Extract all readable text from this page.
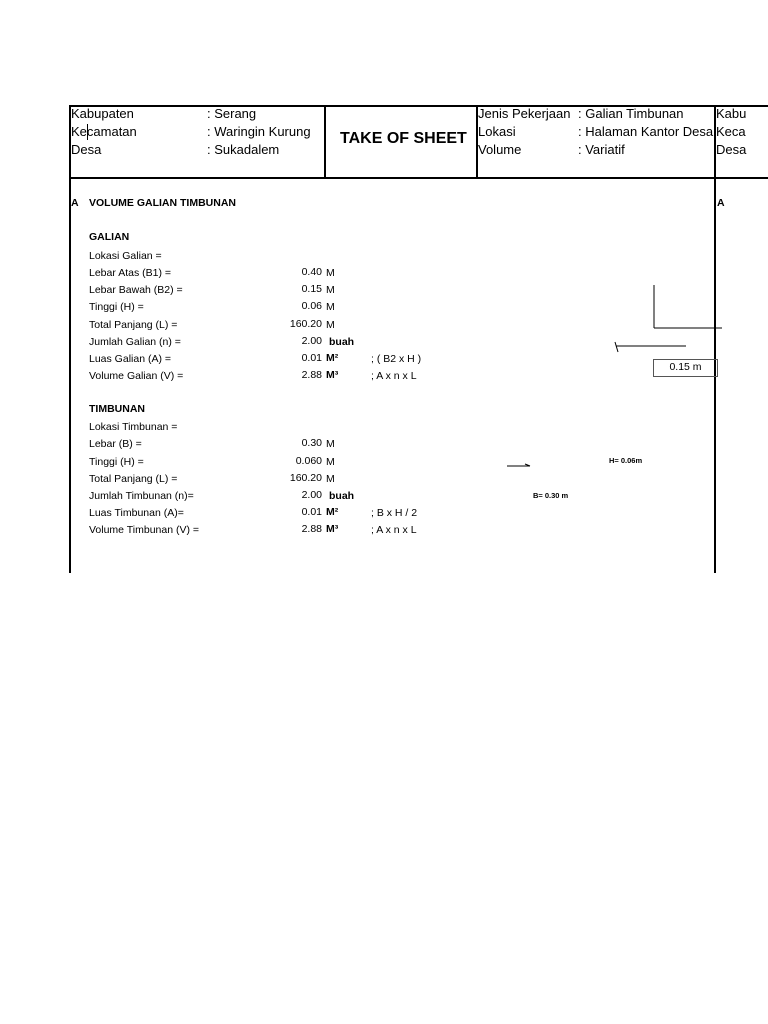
Kabupaten	: Serang
Kecamatan	: Waringin Kurung
Desa	: Sukadalem
TAKE OF SHEET
Jenis Pekerjaan : Galian Timbunan
Lokasi	: Halaman Kantor Desa
Volume	: Variatif
Kabu
Keca
Desa
A VOLUME GALIAN TIMBUNAN	A
GALIAN
Lokasi Galian =
Lebar Atas (B1) =	0.40 M
Lebar Bawah (B2) =	0.15 M
Tinggi (H) =	0.06 M
Total Panjang (L) =	160.20 M
Jumlah Galian (n) =	2.00 buah
Luas Galian (A) =	0.01 M²	; ( B2 x H )
Volume Galian (V) =	2.88 M³	; A x n x L
TIMBUNAN
Lokasi Timbunan =
Lebar (B) =	0.30 M
Tinggi (H) =	0.060 M
Total Panjang (L) =	160.20 M
Jumlah Timbunan (n)=	2.00 buah
Luas Timbunan (A)=	0.01 M²	; B x H / 2
Volume Timbunan (V) =	2.88 M³	; A x n x L
0.15 m
H= 0.06m
B= 0.30 m
